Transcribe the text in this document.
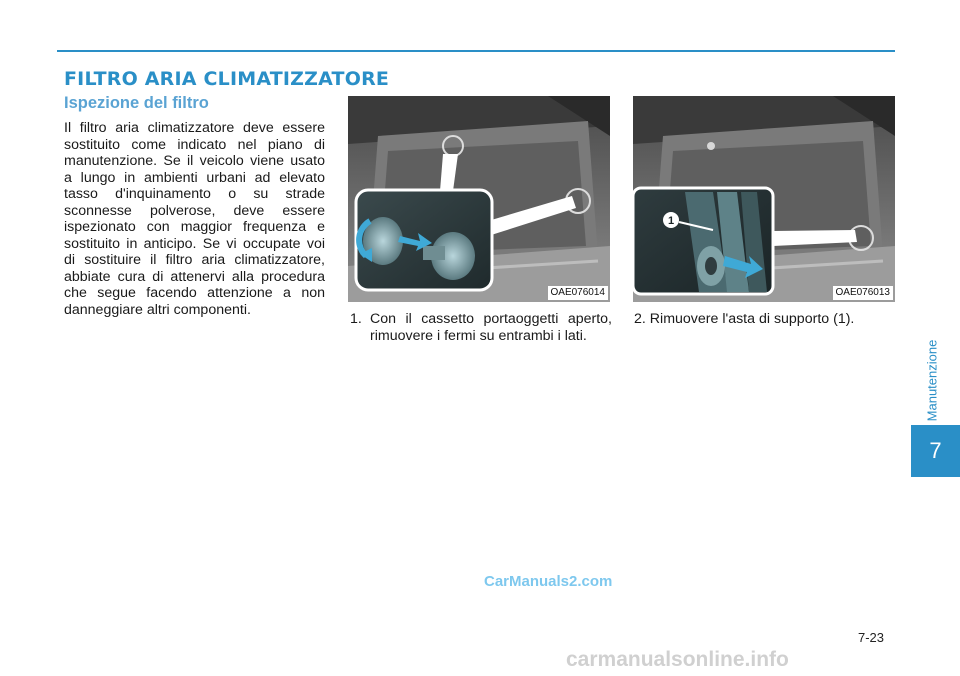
FILTRO ARIA CLIMATIZZATORE
Ispezione del filtro

Il filtro aria climatizzatore deve essere sostituito come indicato nel piano di manutenzione. Se il veicolo viene usato a lungo in ambienti urbani ad elevato tasso d'inquinamento o su strade sconnesse polverose, deve essere ispezionato con maggior frequenza e sostituito in anticipo. Se vi occupate voi di sostituire il filtro aria climatizzatore, abbiate cura di attenervi alla procedura che segue facendo attenzione a non danneggiare altri componenti.

OAE076014
1
OAE076013
1. Con il cassetto portaoggetti aperto, rimuovere i fermi su entrambi i lati.
2. Rimuovere l'asta di supporto (1).
Manutenzione
7
CarManuals2.com
7-23
carmanualsonline.info
